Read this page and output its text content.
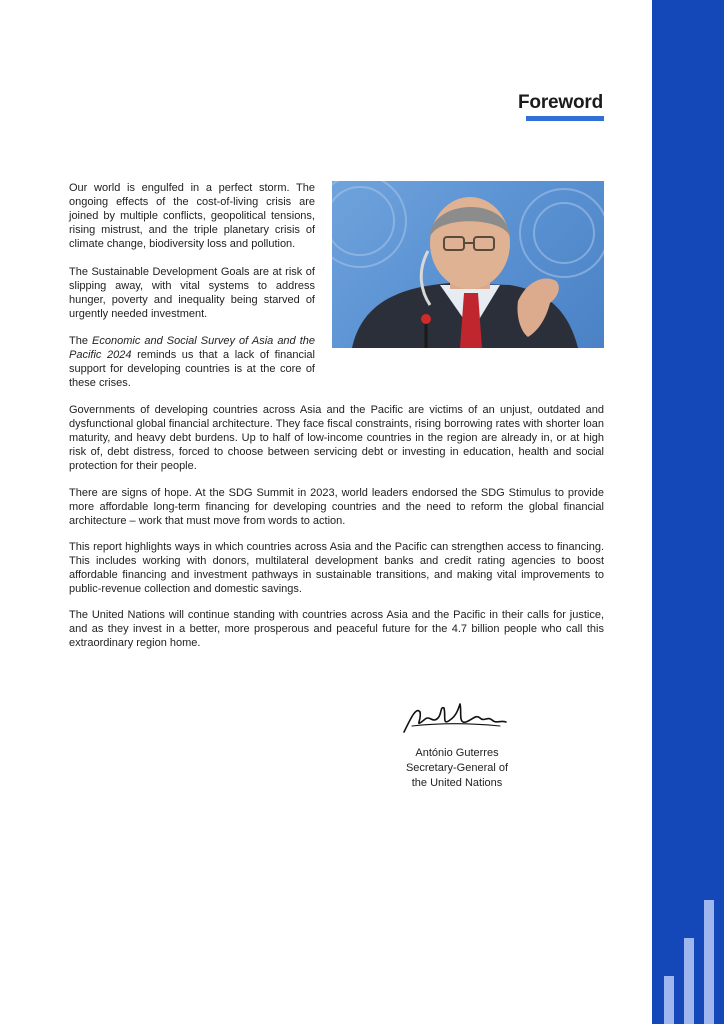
Foreword

Our world is engulfed in a perfect storm. The ongoing effects of the cost-of-living crisis are joined by multiple conflicts, geopolitical tensions, rising mistrust, and the triple planetary crisis of climate change, biodiversity loss and pollution.

The Sustainable Development Goals are at risk of slipping away, with vital systems to address hunger, poverty and inequality being starved of urgently needed investment.

The Economic and Social Survey of Asia and the Pacific 2024 reminds us that a lack of financial support for developing countries is at the core of these crises.

Governments of developing countries across Asia and the Pacific are victims of an unjust, outdated and dysfunctional global financial architecture. They face fiscal constraints, rising borrowing rates with shorter loan maturity, and heavy debt burdens. Up to half of low-income countries in the region are already in, or at high risk of, debt distress, forced to choose between servicing debt or investing in education, health and social protection for their people.

There are signs of hope. At the SDG Summit in 2023, world leaders endorsed the SDG Stimulus to provide more affordable long-term financing for developing countries and the need to reform the global financial architecture – work that must move from words to action.

This report highlights ways in which countries across Asia and the Pacific can strengthen access to financing. This includes working with donors, multilateral development banks and credit rating agencies to boost affordable financing and investment pathways in sustainable transitions, and making vital improvements to public-revenue collection and domestic savings.

The United Nations will continue standing with countries across Asia and the Pacific in their calls for justice, and as they invest in a better, more prosperous and peaceful future for the 4.7 billion people who call this extraordinary region home.

António Guterres
Secretary-General of
the United Nations
